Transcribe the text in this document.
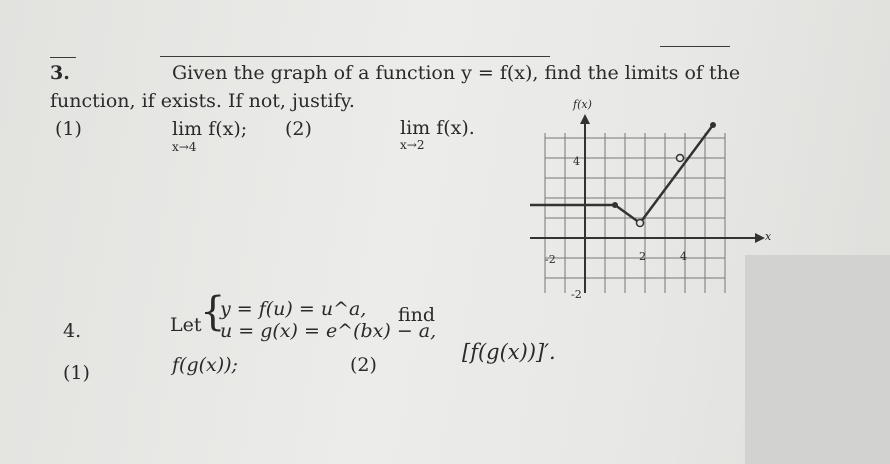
3.	Given the graph of a function y = f(x), find the limits of the
function, if exists. If not, justify.
(1)	lim f(x);
x→4
(2)	lim f(x).
x→2
f(x)
x
4
-2
-2	2	4
4.	Let
{
y = f(u) = u^a,
u = g(x) = e^(bx) − a,
find
(1)	f(g(x));	(2)
[f(g(x))]′.
